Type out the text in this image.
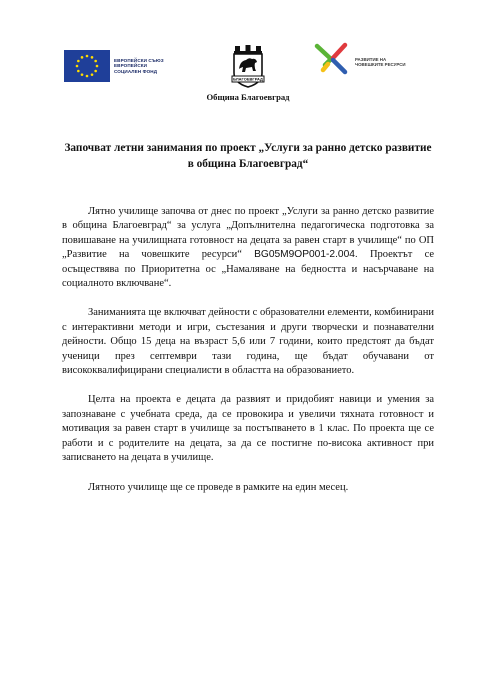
ЕВРОПЕЙСКИ СЪЮЗ
ЕВРОПЕЙСКИ
СОЦИАЛЕН ФОНД
БЛАГОЕВГРАД
Община Благоевград
РАЗВИТИЕ НА
ЧОВЕШКИТЕ РЕСУРСИ
Започват летни занимания по проект „Услуги за ранно детско развитие в община Благоевград“

Лятно училище започва от днес по проект „Услуги за ранно детско развитие в община Благоевград“ за услуга „Допълнителна педагогическа подготовка за повишаване на училищната готовност на децата за равен старт в училище“ по ОП „Развитие на човешките ресурси“ BG05M9OP001-2.004. Проектът се осъществява по Приоритетна ос „Намаляване на бедността и насърчаване на социалното включване“.

Заниманията ще включват дейности с образователни елементи, комбинирани с интерактивни методи и игри, състезания и други творчески и познавателни дейности. Общо 15 деца на възраст 5,6 или 7 години, които предстоят да бъдат ученици през септември тази година, ще бъдат обучавани от висококвалифицирани специалисти в областта на образованието.

Целта на проекта е децата да развият и придобият навици и умения за запознаване с учебната среда, да се провокира и увеличи тяхната готовност и мотивация за равен старт в училище за постъпването в 1 клас. По проекта ще се работи и с родителите на децата, за да се постигне по-висока активност при записването на децата в училище.

Лятното училище ще се проведе в рамките на един месец.
